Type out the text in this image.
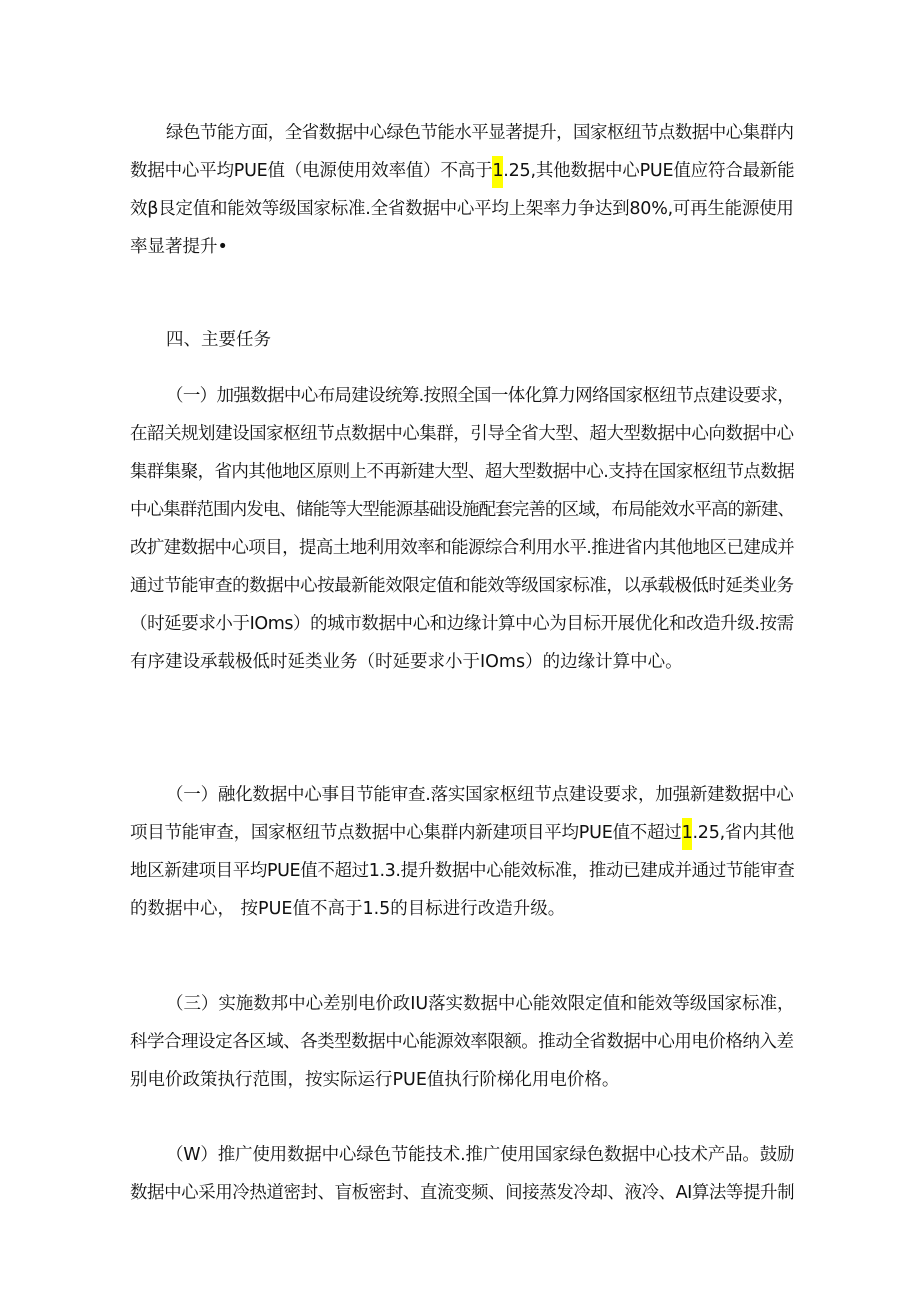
绿色节能方面，全省数据中心绿色节能水平显著提升，国家枢纽节点数据中心集群内
数据中心平均PUE值（电源使用效率值）不高于1.25,其他数据中心PUE值应符合最新能
效β艮定值和能效等级国家标准.全省数据中心平均上架率力争达到80%,可再生能源使用
率显著提升•
四、主要任务
（一）加强数据中心布局建设统筹.按照全国一体化算力网络国家枢纽节点建设要求，
在韶关规划建设国家枢纽节点数据中心集群，引导全省大型、超大型数据中心向数据中心
集群集聚，省内其他地区原则上不再新建大型、超大型数据中心.支持在国家枢纽节点数据
中心集群范围内发电、储能等大型能源基础设施配套完善的区域，布局能效水平高的新建、
改扩建数据中心项目，提高土地利用效率和能源综合利用水平.推进省内其他地区已建成并
通过节能审查的数据中心按最新能效限定值和能效等级国家标准，以承载极低时延类业务
（时延要求小于IOms）的城市数据中心和边缘计算中心为目标开展优化和改造升级.按需
有序建设承载极低时延类业务（时延要求小于IOms）的边缘计算中心。
（一）融化数据中心事目节能审查.落实国家枢纽节点建设要求，加强新建数据中心
项目节能审查，国家枢纽节点数据中心集群内新建项目平均PUE值不超过1.25,省内其他
地区新建项目平均PUE值不超过1.3.提升数据中心能效标准，推动已建成并通过节能审查
的数据中心， 按PUE值不高于1.5的目标进行改造升级。
（三）实施数邦中心差别电价政IU落实数据中心能效限定值和能效等级国家标准，
科学合理设定各区域、各类型数据中心能源效率限额。推动全省数据中心用电价格纳入差
别电价政策执行范围，按实际运行PUE值执行阶梯化用电价格。
（W）推广使用数据中心绿色节能技术.推广使用国家绿色数据中心技术产品。鼓励
数据中心采用冷热道密封、盲板密封、直流变频、间接蒸发冷却、液冷、AI算法等提升制
